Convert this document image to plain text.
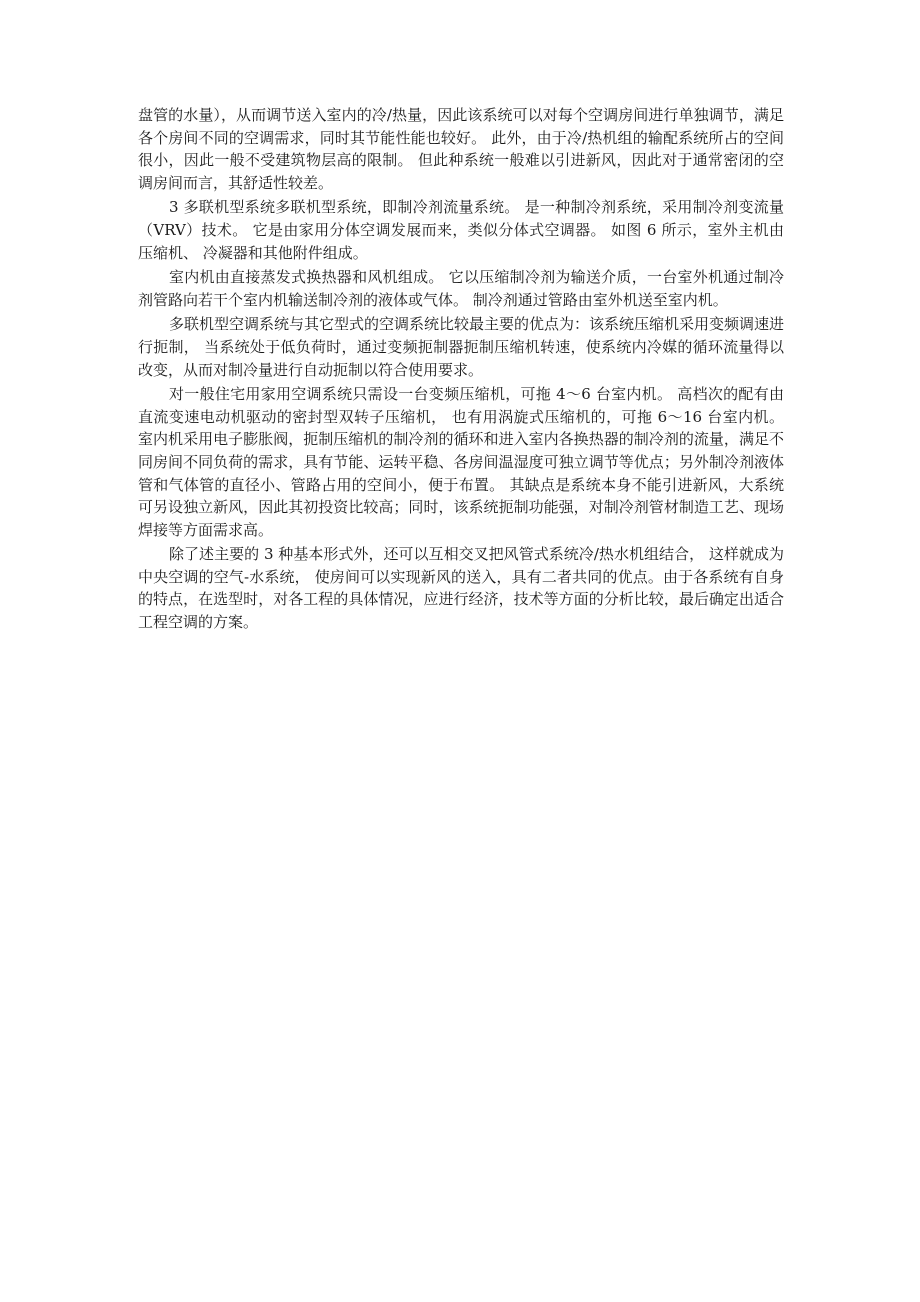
盘管的水量），从而调节送入室内的冷/热量，因此该系统可以对每个空调房间进行单独调节，满足各个房间不同的空调需求，同时其节能性能也较好。 此外，由于冷/热机组的输配系统所占的空间很小，因此一般不受建筑物层高的限制。 但此种系统一般难以引进新风，因此对于通常密闭的空调房间而言，其舒适性较差。

3 多联机型系统多联机型系统，即制冷剂流量系统。 是一种制冷剂系统，采用制冷剂变流量（VRV）技术。 它是由家用分体空调发展而来，类似分体式空调器。 如图 6 所示，室外主机由压缩机、 冷凝器和其他附件组成。

室内机由直接蒸发式换热器和风机组成。 它以压缩制冷剂为输送介质，一台室外机通过制冷剂管路向若干个室内机输送制冷剂的液体或气体。 制冷剂通过管路由室外机送至室内机。

多联机型空调系统与其它型式的空调系统比较最主要的优点为：该系统压缩机采用变频调速进行扼制， 当系统处于低负荷时，通过变频扼制器扼制压缩机转速，使系统内冷媒的循环流量得以改变，从而对制冷量进行自动扼制以符合使用要求。

对一般住宅用家用空调系统只需设一台变频压缩机，可拖 4～6 台室内机。 高档次的配有由直流变速电动机驱动的密封型双转子压缩机， 也有用涡旋式压缩机的，可拖 6～16 台室内机。 室内机采用电子膨胀阀，扼制压缩机的制冷剂的循环和进入室内各换热器的制冷剂的流量，满足不同房间不同负荷的需求，具有节能、运转平稳、各房间温湿度可独立调节等优点；另外制冷剂液体管和气体管的直径小、管路占用的空间小，便于布置。 其缺点是系统本身不能引进新风，大系统可另设独立新风，因此其初投资比较高；同时，该系统扼制功能强，对制冷剂管材制造工艺、现场焊接等方面需求高。

除了述主要的 3 种基本形式外，还可以互相交叉把风管式系统冷/热水机组结合， 这样就成为中央空调的空气-水系统， 使房间可以实现新风的送入，具有二者共同的优点。由于各系统有自身的特点，在选型时，对各工程的具体情况，应进行经济，技术等方面的分析比较，最后确定出适合工程空调的方案。
